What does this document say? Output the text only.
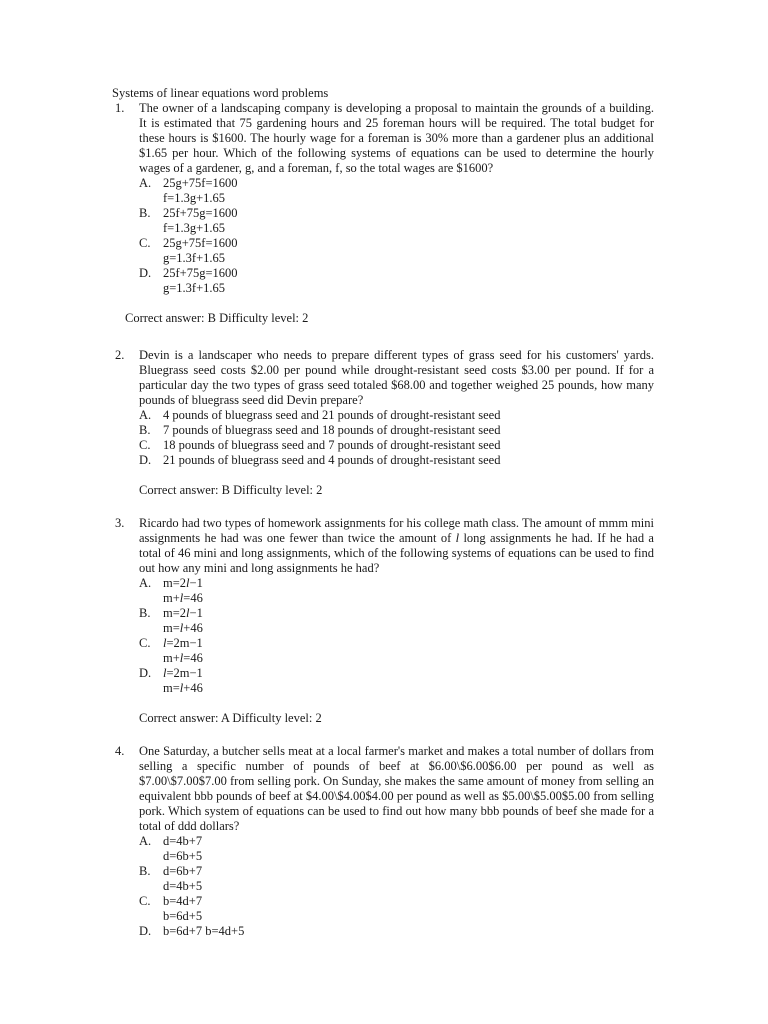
Systems of linear equations word problems
1. The owner of a landscaping company is developing a proposal to maintain the grounds of a building. It is estimated that 75 gardening hours and 25 foreman hours will be required. The total budget for these hours is $1600. The hourly wage for a foreman is 30% more than a gardener plus an additional $1.65 per hour. Which of the following systems of equations can be used to determine the hourly wages of a gardener, g, and a foreman, f, so the total wages are $1600?
A. 25g+75f=1600
f=1.3g+1.65
B. 25f+75g=1600
f=1.3g+1.65
C. 25g+75f=1600
g=1.3f+1.65
D. 25f+75g=1600
g=1.3f+1.65
Correct answer: B Difficulty level: 2
2. Devin is a landscaper who needs to prepare different types of grass seed for his customers' yards. Bluegrass seed costs $2.00 per pound while drought-resistant seed costs $3.00 per pound. If for a particular day the two types of grass seed totaled $68.00 and together weighed 25 pounds, how many pounds of bluegrass seed did Devin prepare?
A. 4 pounds of bluegrass seed and 21 pounds of drought-resistant seed
B. 7 pounds of bluegrass seed and 18 pounds of drought-resistant seed
C. 18 pounds of bluegrass seed and 7 pounds of drought-resistant seed
D. 21 pounds of bluegrass seed and 4 pounds of drought-resistant seed
Correct answer: B Difficulty level: 2
3. Ricardo had two types of homework assignments for his college math class. The amount of mmm mini assignments he had was one fewer than twice the amount of l long assignments he had. If he had a total of 46 mini and long assignments, which of the following systems of equations can be used to find out how any mini and long assignments he had?
A. m=2l−1
m+l=46
B. m=2l−1
m=l+46
C. l=2m−1
m+l=46
D. l=2m−1
m=l+46
Correct answer: A Difficulty level: 2
4. One Saturday, a butcher sells meat at a local farmer's market and makes a total number of dollars from selling a specific number of pounds of beef at $6.00\$6.00$6.00 per pound as well as $7.00\$7.00$7.00 from selling pork. On Sunday, she makes the same amount of money from selling an equivalent bbb pounds of beef at $4.00\$4.00$4.00 per pound as well as $5.00\$5.00$5.00 from selling pork. Which system of equations can be used to find out how many bbb pounds of beef she made for a total of ddd dollars?
A. d=4b+7
d=6b+5
B. d=6b+7
d=4b+5
C. b=4d+7
b=6d+5
D. b=6d+7 b=4d+5
